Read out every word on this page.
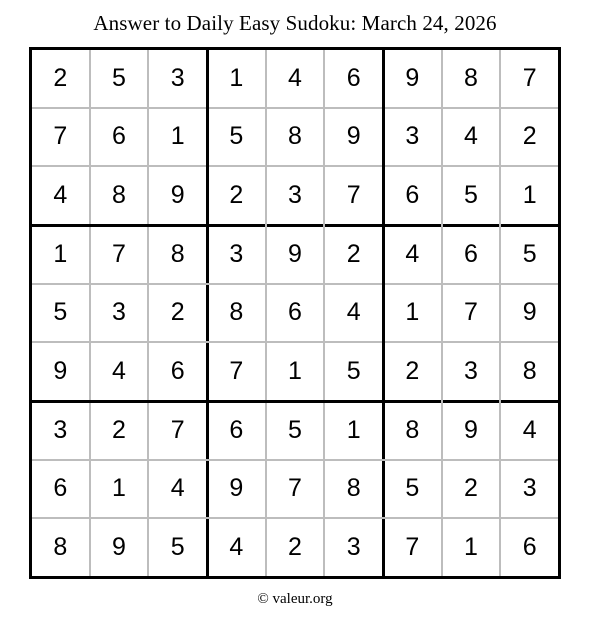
Answer to Daily Easy Sudoku: March 24, 2026
2	5	3	1	4	6	9	8	7
7	6	1	5	8	9	3	4	2
4	8	9	2	3	7	6	5	1
1	7	8	3	9	2	4	6	5
5	3	2	8	6	4	1	7	9
9	4	6	7	1	5	2	3	8
3	2	7	6	5	1	8	9	4
6	1	4	9	7	8	5	2	3
8	9	5	4	2	3	7	1	6
© valeur.org
